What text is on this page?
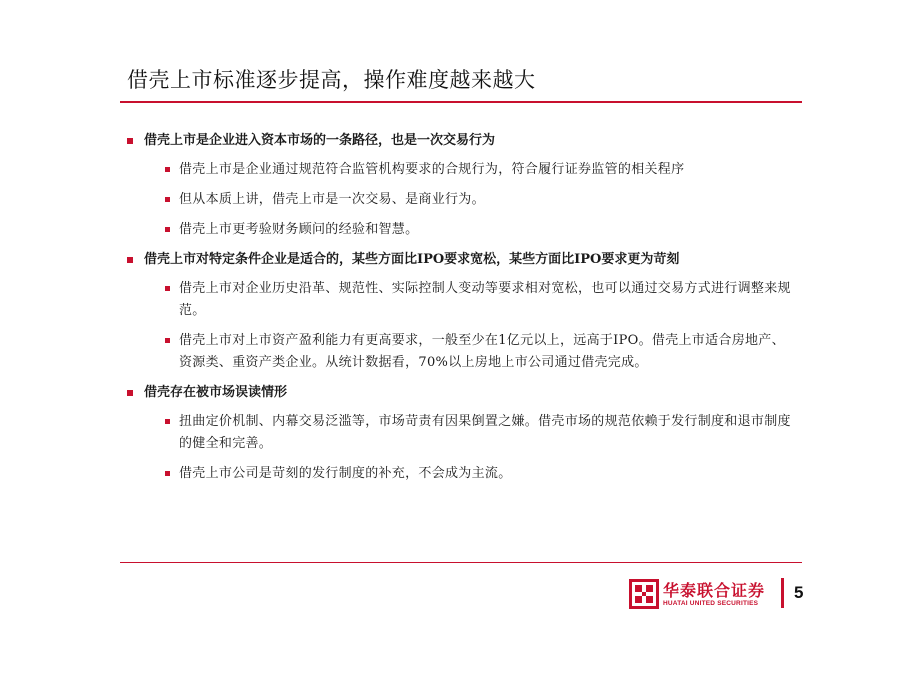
借壳上市标准逐步提高，操作难度越来越大
借壳上市是企业进入资本市场的一条路径，也是一次交易行为
借壳上市是企业通过规范符合监管机构要求的合规行为，符合履行证券监管的相关程序
但从本质上讲，借壳上市是一次交易、是商业行为。
借壳上市更考验财务顾问的经验和智慧。
借壳上市对特定条件企业是适合的，某些方面比IPO要求宽松，某些方面比IPO要求更为苛刻
借壳上市对企业历史沿革、规范性、实际控制人变动等要求相对宽松，也可以通过交易方式进行调整来规范。
借壳上市对上市资产盈利能力有更高要求，一般至少在1亿元以上，远高于IPO。借壳上市适合房地产、资源类、重资产类企业。从统计数据看，70%以上房地上市公司通过借壳完成。
借壳存在被市场误读情形
扭曲定价机制、内幕交易泛滥等，市场苛责有因果倒置之嫌。借壳市场的规范依赖于发行制度和退市制度的健全和完善。
借壳上市公司是苛刻的发行制度的补充，不会成为主流。
华泰联合证券
HUATAI UNITED SECURITIES
5
